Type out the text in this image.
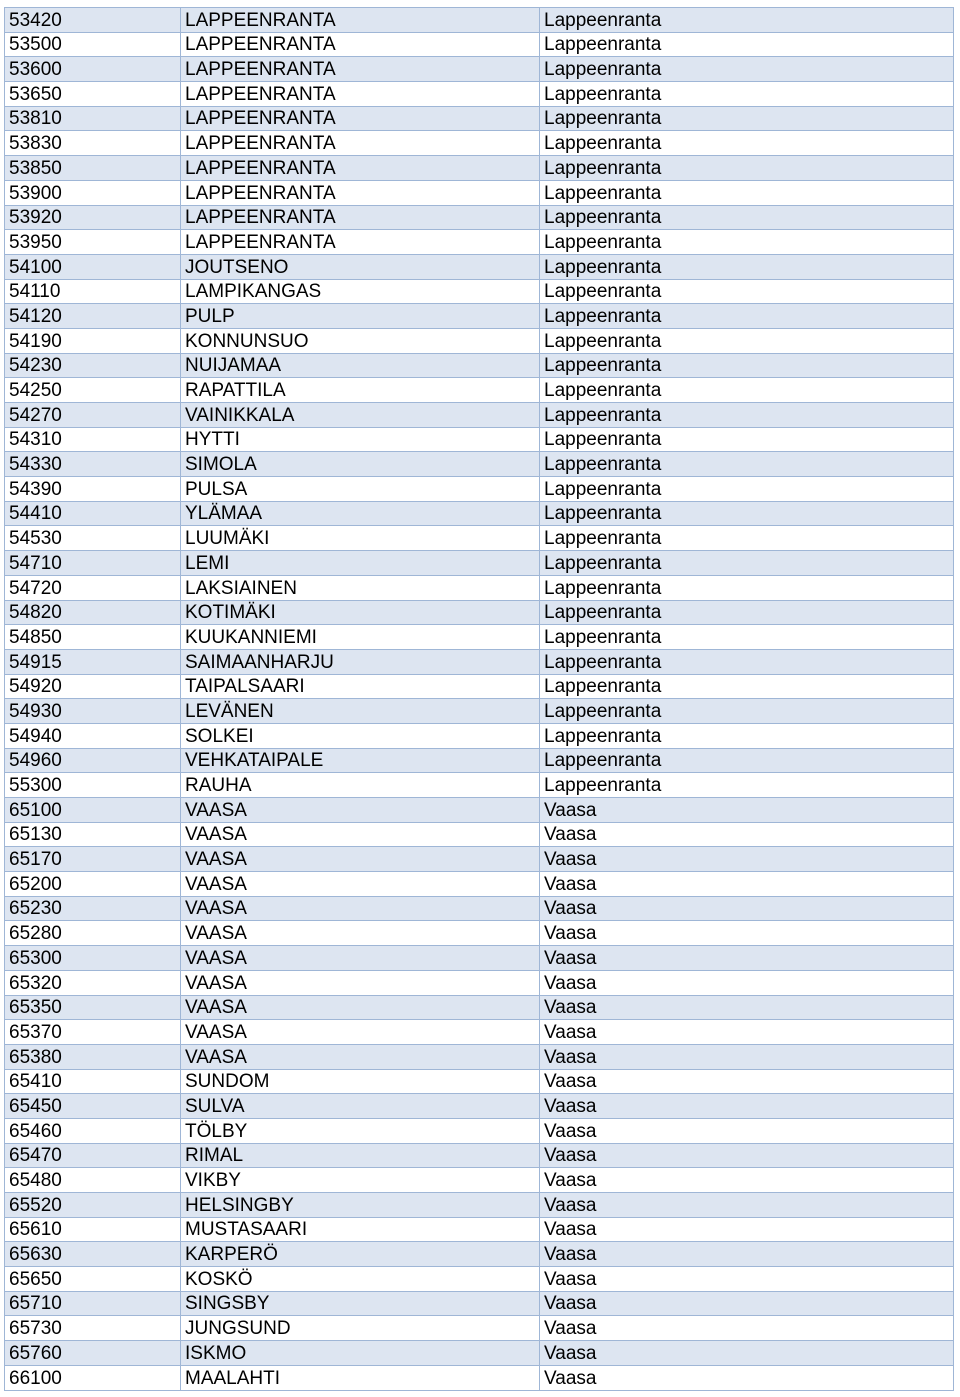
53420	LAPPEENRANTA	Lappeenranta
53500	LAPPEENRANTA	Lappeenranta
53600	LAPPEENRANTA	Lappeenranta
53650	LAPPEENRANTA	Lappeenranta
53810	LAPPEENRANTA	Lappeenranta
53830	LAPPEENRANTA	Lappeenranta
53850	LAPPEENRANTA	Lappeenranta
53900	LAPPEENRANTA	Lappeenranta
53920	LAPPEENRANTA	Lappeenranta
53950	LAPPEENRANTA	Lappeenranta
54100	JOUTSENO	Lappeenranta
54110	LAMPIKANGAS	Lappeenranta
54120	PULP	Lappeenranta
54190	KONNUNSUO	Lappeenranta
54230	NUIJAMAA	Lappeenranta
54250	RAPATTILA	Lappeenranta
54270	VAINIKKALA	Lappeenranta
54310	HYTTI	Lappeenranta
54330	SIMOLA	Lappeenranta
54390	PULSA	Lappeenranta
54410	YLÄMAA	Lappeenranta
54530	LUUMÄKI	Lappeenranta
54710	LEMI	Lappeenranta
54720	LAKSIAINEN	Lappeenranta
54820	KOTIMÄKI	Lappeenranta
54850	KUUKANNIEMI	Lappeenranta
54915	SAIMAANHARJU	Lappeenranta
54920	TAIPALSAARI	Lappeenranta
54930	LEVÄNEN	Lappeenranta
54940	SOLKEI	Lappeenranta
54960	VEHKATAIPALE	Lappeenranta
55300	RAUHA	Lappeenranta
65100	VAASA	Vaasa
65130	VAASA	Vaasa
65170	VAASA	Vaasa
65200	VAASA	Vaasa
65230	VAASA	Vaasa
65280	VAASA	Vaasa
65300	VAASA	Vaasa
65320	VAASA	Vaasa
65350	VAASA	Vaasa
65370	VAASA	Vaasa
65380	VAASA	Vaasa
65410	SUNDOM	Vaasa
65450	SULVA	Vaasa
65460	TÖLBY	Vaasa
65470	RIMAL	Vaasa
65480	VIKBY	Vaasa
65520	HELSINGBY	Vaasa
65610	MUSTASAARI	Vaasa
65630	KARPERÖ	Vaasa
65650	KOSKÖ	Vaasa
65710	SINGSBY	Vaasa
65730	JUNGSUND	Vaasa
65760	ISKMO	Vaasa
66100	MAALAHTI	Vaasa
